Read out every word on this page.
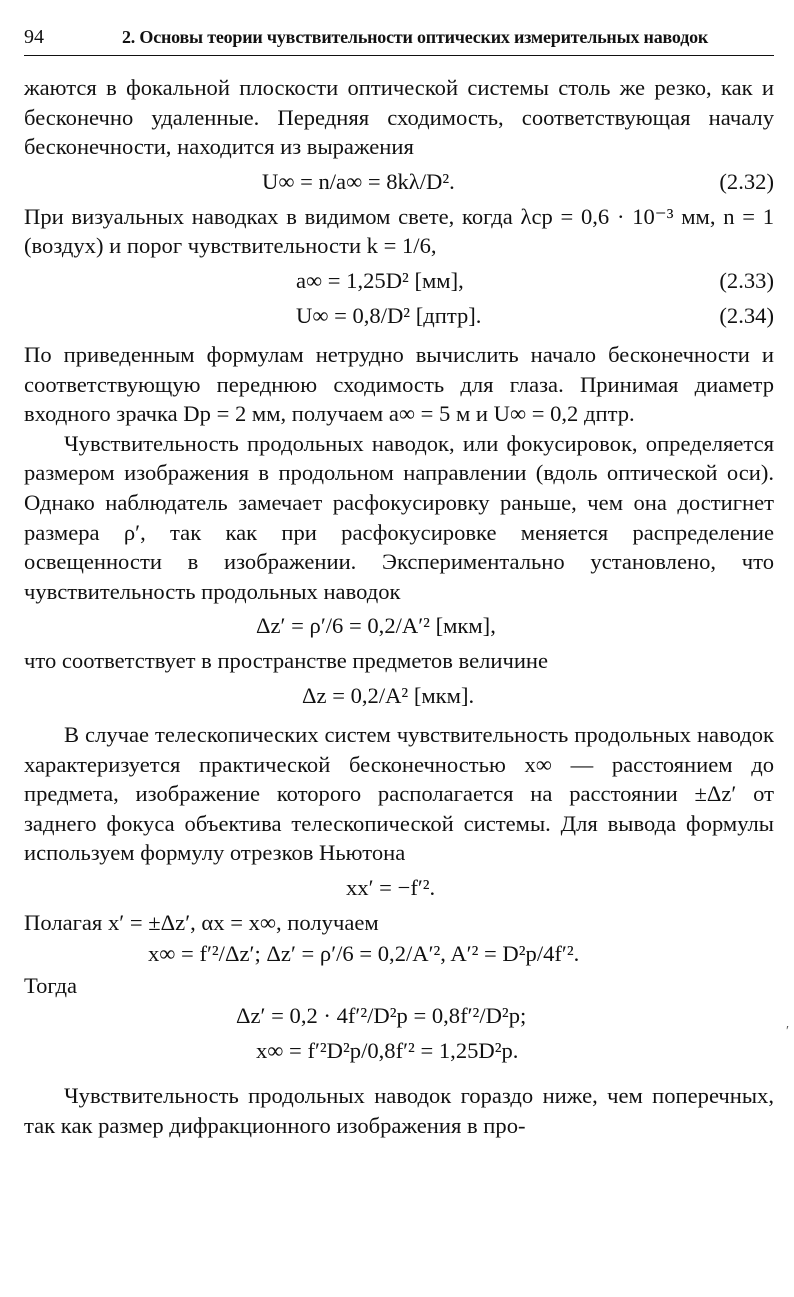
94	2. Основы теории чувствительности оптических измерительных наводок

жаются в фокальной плоскости оптической системы столь же резко, как и бесконечно удаленные. Передняя сходимость, соответствующая началу бесконечности, находится из выражения

U∞ = n/a∞ = 8kλ/D².	(2.32)

При визуальных наводках в видимом свете, когда λср = 0,6 · 10⁻³ мм, n = 1 (воздух) и порог чувствительности k = 1/6,

a∞ = 1,25D² [мм],	(2.33)
U∞ = 0,8/D² [дптр].	(2.34)

По приведенным формулам нетрудно вычислить начало бесконечности и соответствующую переднюю сходимость для глаза. Принимая диаметр входного зрачка Dр = 2 мм, получаем a∞ = 5 м и U∞ = 0,2 дптр.

Чувствительность продольных наводок, или фокусировок, определяется размером изображения в продольном направлении (вдоль оптической оси). Однако наблюдатель замечает расфокусировку раньше, чем она достигнет размера ρ′, так как при расфокусировке меняется распределение освещенности в изображении. Экспериментально установлено, что чувствительность продольных наводок

Δz′ = ρ′/6 = 0,2/A′² [мкм],

что соответствует в пространстве предметов величине

Δz = 0,2/A² [мкм].

В случае телескопических систем чувствительность продольных наводок характеризуется практической бесконечностью x∞ — расстоянием до предмета, изображение которого располагается на расстоянии ±Δz′ от заднего фокуса объектива телескопической системы. Для вывода формулы используем формулу отрезков Ньютона

xx′ = −f′².

Полагая x′ = ±Δz′, αx = x∞, получаем

x∞ = f′²/Δz′; Δz′ = ρ′/6 = 0,2/A′², A′² = D²р/4f′².
Тогда
Δz′ = 0,2 · 4f′²/D²р = 0,8f′²/D²р;
x∞ = f′²D²р/0,8f′² = 1,25D²р.

Чувствительность продольных наводок гораздо ниже, чем поперечных, так как размер дифракционного изображения в про-

′
